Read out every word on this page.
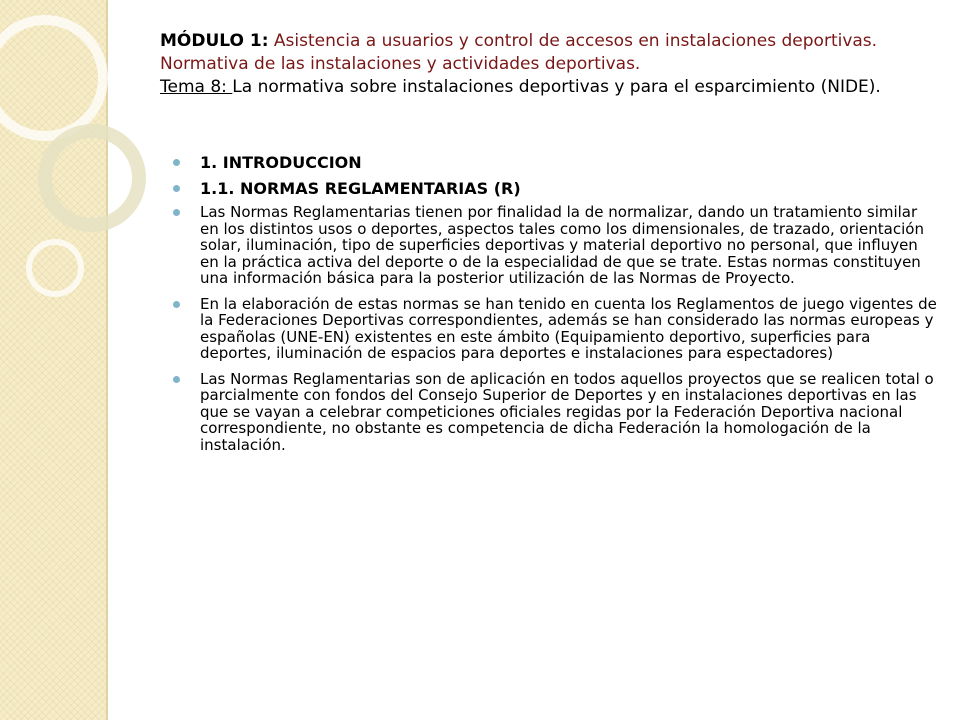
MÓDULO 1: Asistencia a usuarios y control de accesos en instalaciones deportivas.
Normativa de las instalaciones y actividades deportivas.
Tema 8: La normativa sobre instalaciones deportivas y para el esparcimiento (NIDE).
1. INTRODUCCION
1.1. NORMAS REGLAMENTARIAS (R)
Las Normas Reglamentarias tienen por finalidad la de normalizar, dando un tratamiento similar en los distintos usos o deportes, aspectos tales como los dimensionales, de trazado, orientación solar, iluminación, tipo de superficies deportivas y material deportivo no personal, que influyen en la práctica activa del deporte o de la especialidad de que se trate. Estas normas constituyen una información básica para la posterior utilización de las Normas de Proyecto.
En la elaboración de estas normas se han tenido en cuenta los Reglamentos de juego vigentes de la Federaciones Deportivas correspondientes, además se han considerado las normas europeas y españolas (UNE-EN) existentes en este ámbito (Equipamiento deportivo, superficies para deportes, iluminación de espacios para deportes e instalaciones para espectadores)
Las Normas Reglamentarias son de aplicación en todos aquellos proyectos que se realicen total o parcialmente con fondos del Consejo Superior de Deportes y en instalaciones deportivas en las que se vayan a celebrar competiciones oficiales regidas por la Federación Deportiva nacional correspondiente, no obstante es competencia de dicha Federación la homologación de la instalación.
